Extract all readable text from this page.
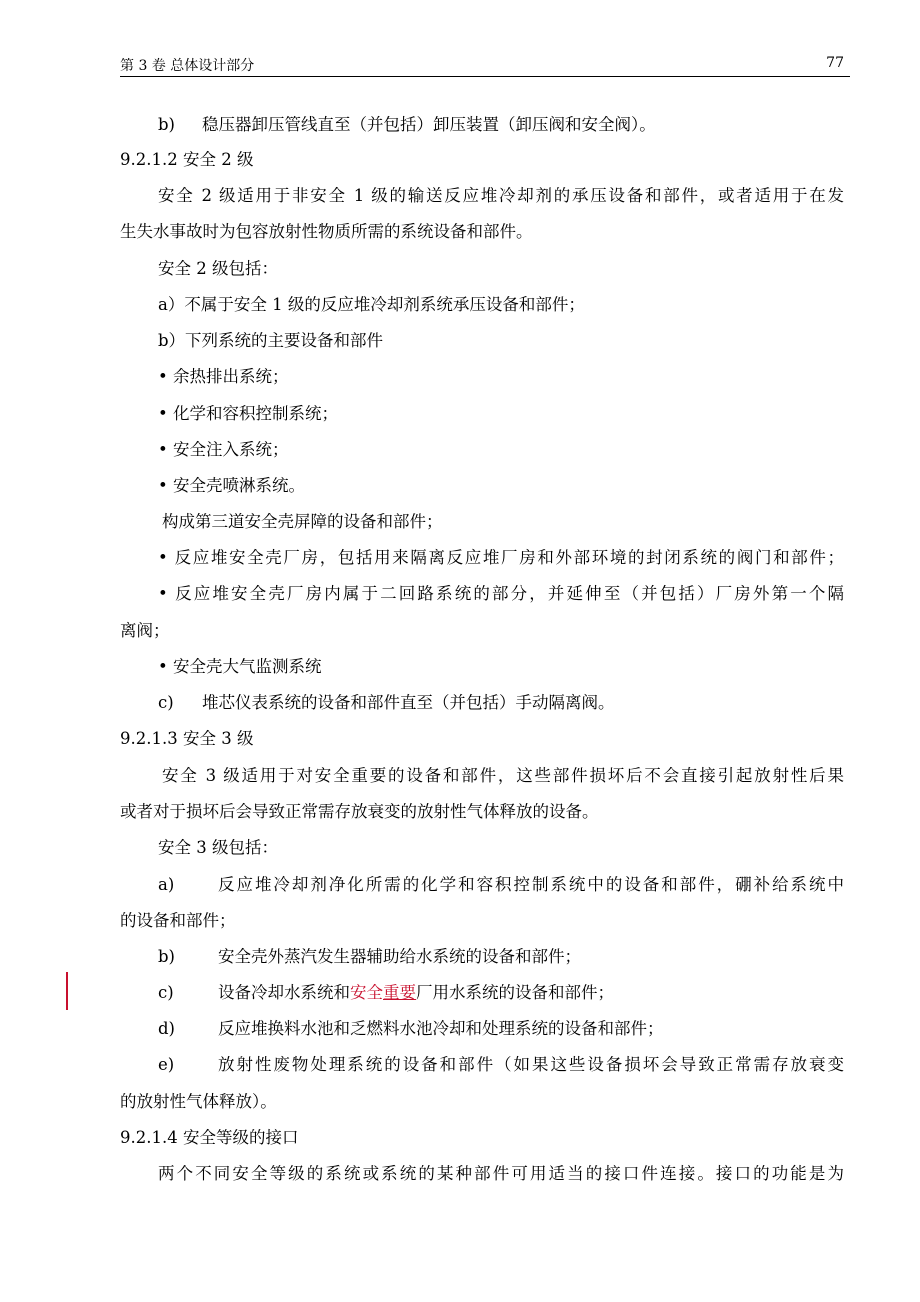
第 3 卷 总体设计部分	77
b) 稳压器卸压管线直至（并包括）卸压装置（卸压阀和安全阀）。
9.2.1.2 安全 2 级
安全 2 级适用于非安全 1 级的输送反应堆冷却剂的承压设备和部件，或者适用于在发
生失水事故时为包容放射性物质所需的系统设备和部件。
安全 2 级包括：
a）不属于安全 1 级的反应堆冷却剂系统承压设备和部件；
b）下列系统的主要设备和部件
• 余热排出系统；
• 化学和容积控制系统；
• 安全注入系统；
• 安全壳喷淋系统。
构成第三道安全壳屏障的设备和部件；
• 反应堆安全壳厂房，包括用来隔离反应堆厂房和外部环境的封闭系统的阀门和部件；
• 反应堆安全壳厂房内属于二回路系统的部分，并延伸至（并包括）厂房外第一个隔
离阀；
• 安全壳大气监测系统
c) 堆芯仪表系统的设备和部件直至（并包括）手动隔离阀。
9.2.1.3 安全 3 级
安全 3 级适用于对安全重要的设备和部件，这些部件损坏后不会直接引起放射性后果
或者对于损坏后会导致正常需存放衰变的放射性气体释放的设备。
安全 3 级包括：
a)	反应堆冷却剂净化所需的化学和容积控制系统中的设备和部件，硼补给系统中
的设备和部件；
b)	安全壳外蒸汽发生器辅助给水系统的设备和部件；
c)	设备冷却水系统和安全重要厂用水系统的设备和部件；
d)	反应堆换料水池和乏燃料水池冷却和处理系统的设备和部件；
e)	放射性废物处理系统的设备和部件（如果这些设备损坏会导致正常需存放衰变
的放射性气体释放）。
9.2.1.4 安全等级的接口
两个不同安全等级的系统或系统的某种部件可用适当的接口件连接。接口的功能是为
